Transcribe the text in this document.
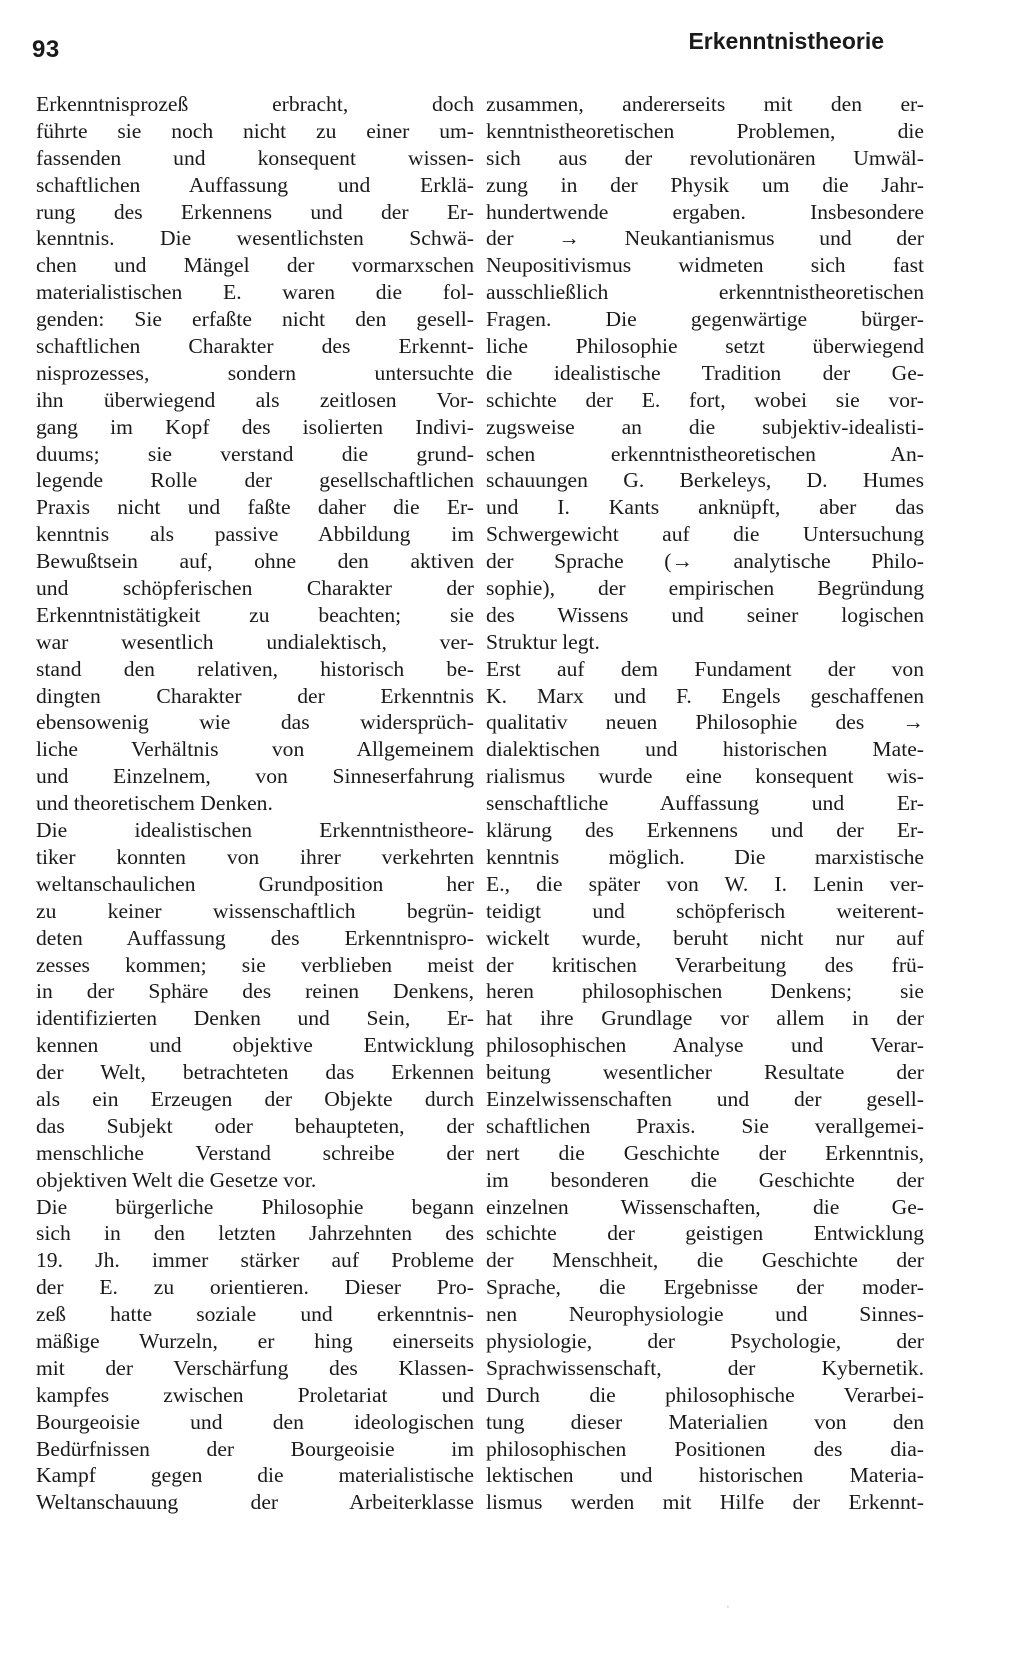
93	Erkenntnistheorie
Erkenntnisprozeß erbracht, doch
führte sie noch nicht zu einer um-
fassenden und konsequent wissen-
schaftlichen Auffassung und Erklä-
rung des Erkennens und der Er-
kenntnis. Die wesentlichsten Schwä-
chen und Mängel der vormarxschen
materialistischen E. waren die fol-
genden: Sie erfaßte nicht den gesell-
schaftlichen Charakter des Erkennt-
nisprozesses, sondern untersuchte
ihn überwiegend als zeitlosen Vor-
gang im Kopf des isolierten Indivi-
duums; sie verstand die grund-
legende Rolle der gesellschaftlichen
Praxis nicht und faßte daher die Er-
kenntnis als passive Abbildung im
Bewußtsein auf, ohne den aktiven
und schöpferischen Charakter der
Erkenntnistätigkeit zu beachten; sie
war wesentlich undialektisch, ver-
stand den relativen, historisch be-
dingten Charakter der Erkenntnis
ebensowenig wie das widersprüch-
liche Verhältnis von Allgemeinem
und Einzelnem, von Sinneserfahrung
und theoretischem Denken.
Die idealistischen Erkenntnistheore-
tiker konnten von ihrer verkehrten
weltanschaulichen Grundposition her
zu keiner wissenschaftlich begrün-
deten Auffassung des Erkenntnispro-
zesses kommen; sie verblieben meist
in der Sphäre des reinen Denkens,
identifizierten Denken und Sein, Er-
kennen und objektive Entwicklung
der Welt, betrachteten das Erkennen
als ein Erzeugen der Objekte durch
das Subjekt oder behaupteten, der
menschliche Verstand schreibe der
objektiven Welt die Gesetze vor.
Die bürgerliche Philosophie begann
sich in den letzten Jahrzehnten des
19. Jh. immer stärker auf Probleme
der E. zu orientieren. Dieser Pro-
zeß hatte soziale und erkenntnis-
mäßige Wurzeln, er hing einerseits
mit der Verschärfung des Klassen-
kampfes zwischen Proletariat und
Bourgeoisie und den ideologischen
Bedürfnissen der Bourgeoisie im
Kampf gegen die materialistische
Weltanschauung der Arbeiterklasse
zusammen, andererseits mit den er-
kenntnistheoretischen Problemen, die
sich aus der revolutionären Umwäl-
zung in der Physik um die Jahr-
hundertwende ergaben. Insbesondere
der → Neukantianismus und der
Neupositivismus widmeten sich fast
ausschließlich erkenntnistheoretischen
Fragen. Die gegenwärtige bürger-
liche Philosophie setzt überwiegend
die idealistische Tradition der Ge-
schichte der E. fort, wobei sie vor-
zugsweise an die subjektiv-idealisti-
schen erkenntnistheoretischen An-
schauungen G. Berkeleys, D. Humes
und I. Kants anknüpft, aber das
Schwergewicht auf die Untersuchung
der Sprache (→ analytische Philo-
sophie), der empirischen Begründung
des Wissens und seiner logischen
Struktur legt.
Erst auf dem Fundament der von
K. Marx und F. Engels geschaffenen
qualitativ neuen Philosophie des →
dialektischen und historischen Mate-
rialismus wurde eine konsequent wis-
senschaftliche Auffassung und Er-
klärung des Erkennens und der Er-
kenntnis möglich. Die marxistische
E., die später von W. I. Lenin ver-
teidigt und schöpferisch weiterent-
wickelt wurde, beruht nicht nur auf
der kritischen Verarbeitung des frü-
heren philosophischen Denkens; sie
hat ihre Grundlage vor allem in der
philosophischen Analyse und Verar-
beitung wesentlicher Resultate der
Einzelwissenschaften und der gesell-
schaftlichen Praxis. Sie verallgemei-
nert die Geschichte der Erkenntnis,
im besonderen die Geschichte der
einzelnen Wissenschaften, die Ge-
schichte der geistigen Entwicklung
der Menschheit, die Geschichte der
Sprache, die Ergebnisse der moder-
nen Neurophysiologie und Sinnes-
physiologie, der Psychologie, der
Sprachwissenschaft, der Kybernetik.
Durch die philosophische Verarbei-
tung dieser Materialien von den
philosophischen Positionen des dia-
lektischen und historischen Materia-
lismus werden mit Hilfe der Erkennt-
·
